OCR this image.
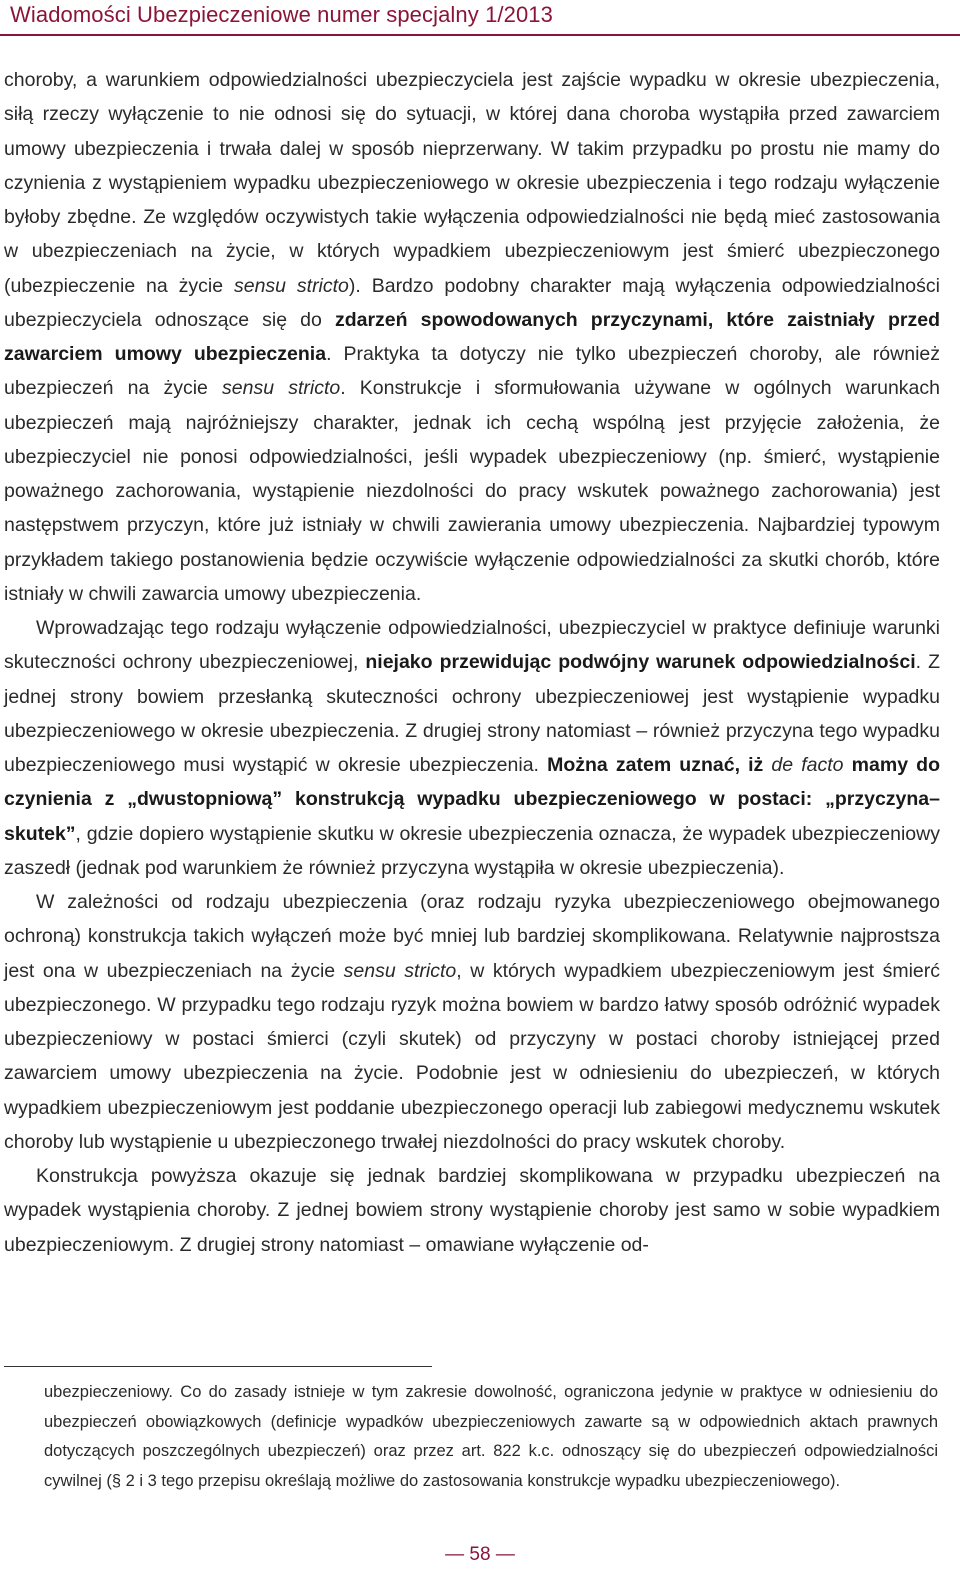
Wiadomości Ubezpieczeniowe numer specjalny 1/2013

choroby, a warunkiem odpowiedzialności ubezpieczyciela jest zajście wypadku w okresie ubezpieczenia, siłą rzeczy wyłączenie to nie odnosi się do sytuacji, w której dana choroba wystąpiła przed zawarciem umowy ubezpieczenia i trwała dalej w sposób nieprzerwany. W takim przypadku po prostu nie mamy do czynienia z wystąpieniem wypadku ubezpieczeniowego w okresie ubezpieczenia i tego rodzaju wyłączenie byłoby zbędne. Ze względów oczywistych takie wyłączenia odpowiedzialności nie będą mieć zastosowania w ubezpieczeniach na życie, w których wypadkiem ubezpieczeniowym jest śmierć ubezpieczonego (ubezpieczenie na życie sensu stricto). Bardzo podobny charakter mają wyłączenia odpowiedzialności ubezpieczyciela odnoszące się do zdarzeń spowodowanych przyczynami, które zaistniały przed zawarciem umowy ubezpieczenia. Praktyka ta dotyczy nie tylko ubezpieczeń choroby, ale również ubezpieczeń na życie sensu stricto. Konstrukcje i sformułowania używane w ogólnych warunkach ubezpieczeń mają najróżniejszy charakter, jednak ich cechą wspólną jest przyjęcie założenia, że ubezpieczyciel nie ponosi odpowiedzialności, jeśli wypadek ubezpieczeniowy (np. śmierć, wystąpienie poważnego zachorowania, wystąpienie niezdolności do pracy wskutek poważnego zachorowania) jest następstwem przyczyn, które już istniały w chwili zawierania umowy ubezpieczenia. Najbardziej typowym przykładem takiego postanowienia będzie oczywiście wyłączenie odpowiedzialności za skutki chorób, które istniały w chwili zawarcia umowy ubezpieczenia.

Wprowadzając tego rodzaju wyłączenie odpowiedzialności, ubezpieczyciel w praktyce definiuje warunki skuteczności ochrony ubezpieczeniowej, niejako przewidując podwójny warunek odpowiedzialności. Z jednej strony bowiem przesłanką skuteczności ochrony ubezpieczeniowej jest wystąpienie wypadku ubezpieczeniowego w okresie ubezpieczenia. Z drugiej strony natomiast – również przyczyna tego wypadku ubezpieczeniowego musi wystąpić w okresie ubezpieczenia. Można zatem uznać, iż de facto mamy do czynienia z „dwustopniową” konstrukcją wypadku ubezpieczeniowego w postaci: „przyczyna–skutek”, gdzie dopiero wystąpienie skutku w okresie ubezpieczenia oznacza, że wypadek ubezpieczeniowy zaszedł (jednak pod warunkiem że również przyczyna wystąpiła w okresie ubezpieczenia).

W zależności od rodzaju ubezpieczenia (oraz rodzaju ryzyka ubezpieczeniowego obejmowanego ochroną) konstrukcja takich wyłączeń może być mniej lub bardziej skomplikowana. Relatywnie najprostsza jest ona w ubezpieczeniach na życie sensu stricto, w których wypadkiem ubezpieczeniowym jest śmierć ubezpieczonego. W przypadku tego rodzaju ryzyk można bowiem w bardzo łatwy sposób odróżnić wypadek ubezpieczeniowy w postaci śmierci (czyli skutek) od przyczyny w postaci choroby istniejącej przed zawarciem umowy ubezpieczenia na życie. Podobnie jest w odniesieniu do ubezpieczeń, w których wypadkiem ubezpieczeniowym jest poddanie ubezpieczonego operacji lub zabiegowi medycznemu wskutek choroby lub wystąpienie u ubezpieczonego trwałej niezdolności do pracy wskutek choroby.

Konstrukcja powyższa okazuje się jednak bardziej skomplikowana w przypadku ubezpieczeń na wypadek wystąpienia choroby. Z jednej bowiem strony wystąpienie choroby jest samo w sobie wypadkiem ubezpieczeniowym. Z drugiej strony natomiast – omawiane wyłączenie od-

ubezpieczeniowy. Co do zasady istnieje w tym zakresie dowolność, ograniczona jedynie w praktyce w odniesieniu do ubezpieczeń obowiązkowych (definicje wypadków ubezpieczeniowych zawarte są w odpowiednich aktach prawnych dotyczących poszczególnych ubezpieczeń) oraz przez art. 822 k.c. odnoszący się do ubezpieczeń odpowiedzialności cywilnej (§ 2 i 3 tego przepisu określają możliwe do zastosowania konstrukcje wypadku ubezpieczeniowego).

— 58 —
